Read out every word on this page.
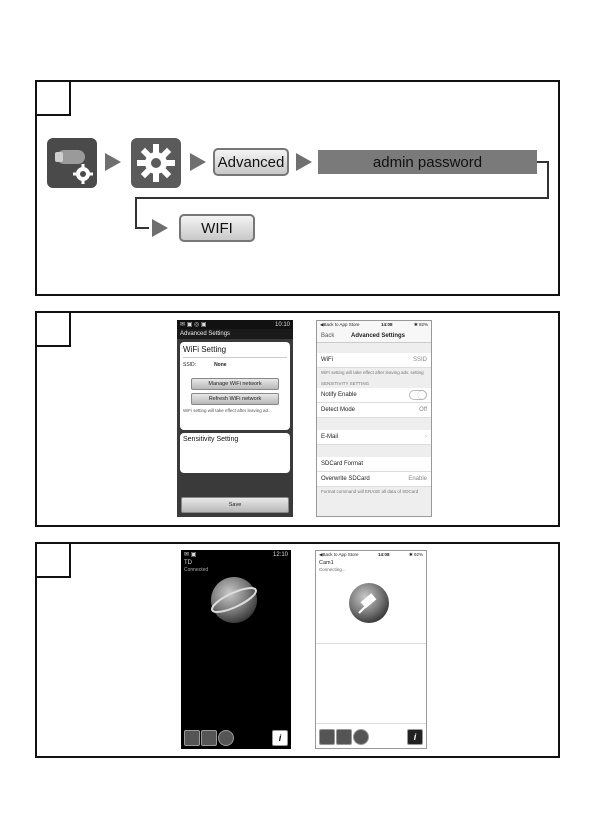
Advanced	admin password
WIFI
✉ ▣ ◎ ▣	10:10
Advanced Settings
WiFi Setting
SSID:	None
Manage WiFi network
Refresh WiFi network
WiFi setting will take effect after leaving ad...
Sensitivity Setting
Save
◀Back to App Store	14:08	✱ 92%
Back	Advanced Settings
WiFi	SSID
WiFi setting will take effect after leaving adv. setting
SENSITIVITY SETTING
Notify Enable
Detect Mode	Off
E-Mail	›
SDCard Format
Overwrite SDCard	Enable
Format command will ERASE all data of SDCard
✉ ▣	12:10
TD
Connected
i
◀Back to App Store	14:08	✱ 92%
Cam1
Connecting...
i
